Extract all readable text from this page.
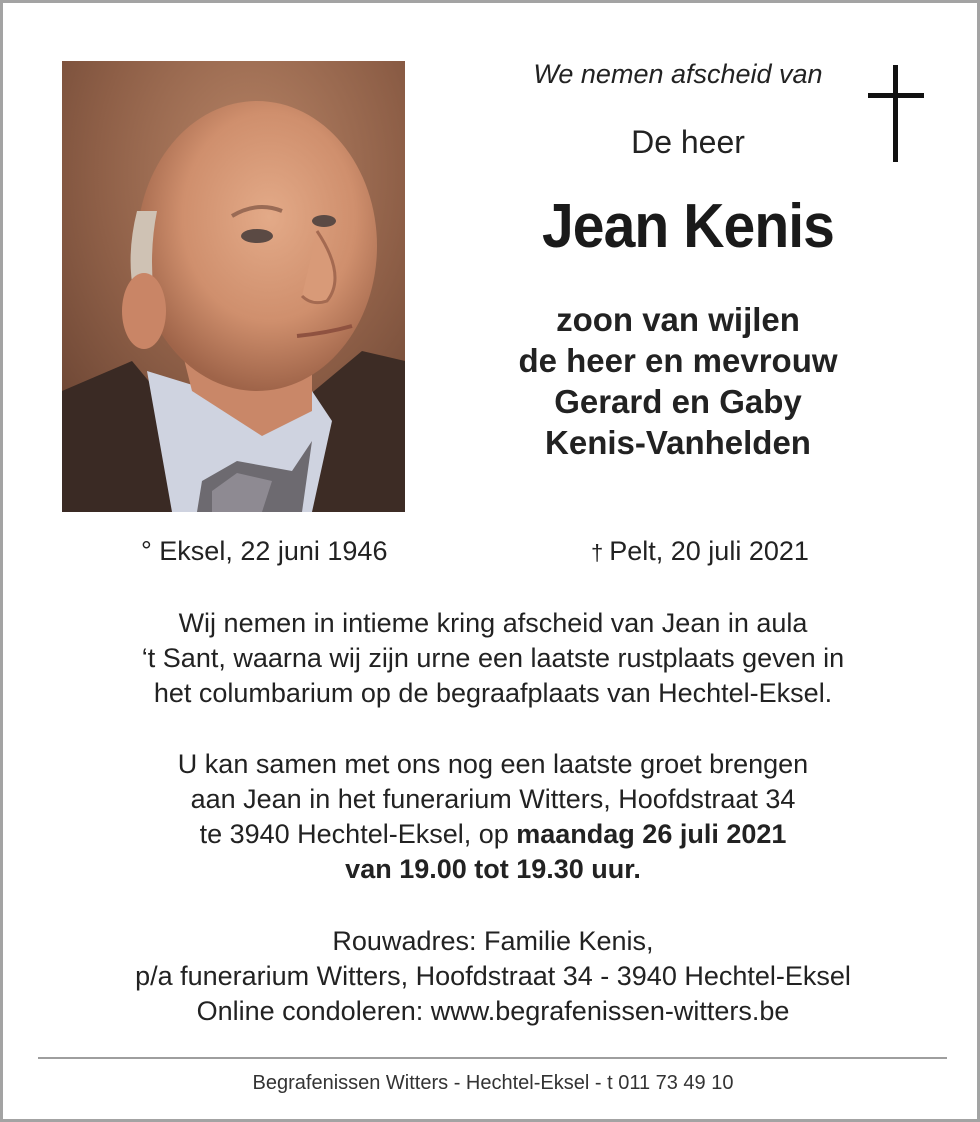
We nemen afscheid van
De heer
Jean Kenis
zoon van wijlen
de heer en mevrouw
Gerard en Gaby
Kenis-Vanhelden
° Eksel, 22 juni 1946	† Pelt, 20 juli 2021
Wij nemen in intieme kring afscheid van Jean in aula
‘t Sant, waarna wij zijn urne een laatste rustplaats geven in
het columbarium op de begraafplaats van Hechtel-Eksel.
U kan samen met ons nog een laatste groet brengen
aan Jean in het funerarium Witters, Hoofdstraat 34
te 3940 Hechtel-Eksel, op maandag 26 juli 2021
van 19.00 tot 19.30 uur.
Rouwadres: Familie Kenis,
p/a funerarium Witters, Hoofdstraat 34 - 3940 Hechtel-Eksel
Online condoleren: www.begrafenissen-witters.be
Begrafenissen Witters - Hechtel-Eksel - t 011 73 49 10
